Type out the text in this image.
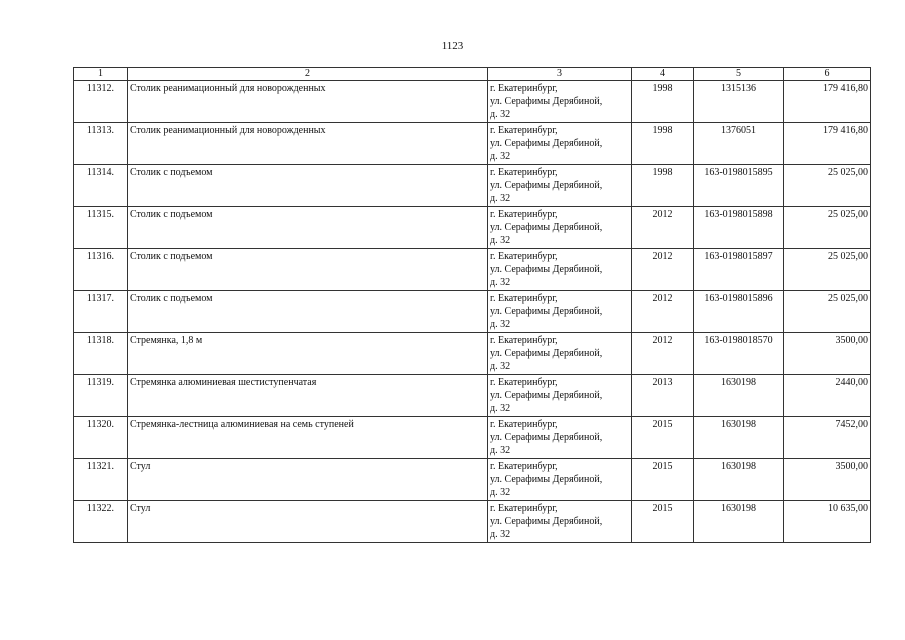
1123
1	2	3	4	5	6
11312.	Столик реанимационный для новорожденных	г. Екатеринбург,
ул. Серафимы Дерябиной,
д. 32	1998	1315136	179 416,80
11313.	Столик реанимационный для новорожденных	г. Екатеринбург,
ул. Серафимы Дерябиной,
д. 32	1998	1376051	179 416,80
11314.	Столик с подъемом	г. Екатеринбург,
ул. Серафимы Дерябиной,
д. 32	1998	163-0198015895	25 025,00
11315.	Столик с подъемом	г. Екатеринбург,
ул. Серафимы Дерябиной,
д. 32	2012	163-0198015898	25 025,00
11316.	Столик с подъемом	г. Екатеринбург,
ул. Серафимы Дерябиной,
д. 32	2012	163-0198015897	25 025,00
11317.	Столик с подъемом	г. Екатеринбург,
ул. Серафимы Дерябиной,
д. 32	2012	163-0198015896	25 025,00
11318.	Стремянка, 1,8 м	г. Екатеринбург,
ул. Серафимы Дерябиной,
д. 32	2012	163-0198018570	3500,00
11319.	Стремянка алюминиевая шестиступенчатая	г. Екатеринбург,
ул. Серафимы Дерябиной,
д. 32	2013	1630198	2440,00
11320.	Стремянка-лестница алюминиевая на семь ступеней	г. Екатеринбург,
ул. Серафимы Дерябиной,
д. 32	2015	1630198	7452,00
11321.	Стул	г. Екатеринбург,
ул. Серафимы Дерябиной,
д. 32	2015	1630198	3500,00
11322.	Стул	г. Екатеринбург,
ул. Серафимы Дерябиной,
д. 32	2015	1630198	10 635,00
